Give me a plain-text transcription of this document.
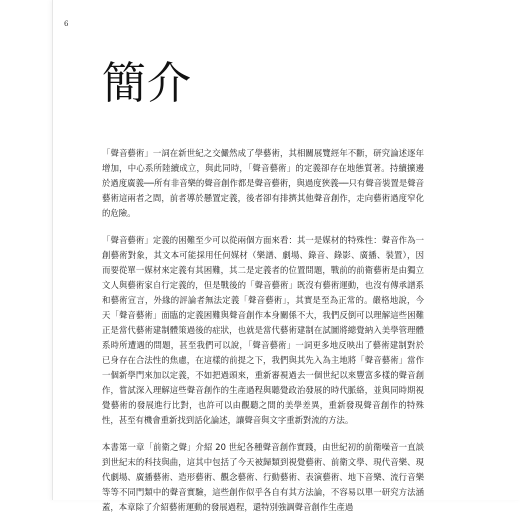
6
簡介

「聲音藝術」一詞在新世紀之交儼然成了學藝術，其相關展覽經年不斷，研究論述逐年增加，中心系所陸續成立，與此同時，「聲音藝術」的定義卻存在地態質著。持續擴邊於過度廣義──所有非音樂的聲音創作都是聲音藝術，與過度狹義──只有聲音裝置是聲音藝術這兩者之間，前者導於懸置定義，後者卻有排擠其他聲音創作，走向藝術過度窄化的危險。

「聲音藝術」定義的困難至少可以從兩個方面來看：其一是媒材的特殊性：聲音作為一創藝術對象，其文本可能採用任何媒材（樂譜、劇場、錄音、錄影、廣播、裝置），因而要從單一媒材來定義有其困難，其二是定義者的位置問題，戰前的前衛藝術是由獨立文人與藝術家自行定義的，但是戰後的「聲音藝術」既沒有藝術運動，也沒有傳承譜系和藝術宣言，外緣的評論者無法定義「聲音藝術」，其實是至為正常的。嚴格地說，今天「聲音藝術」面臨的定義困難與聲音創作本身關係不大，我們反倒可以理解這些困難正是當代藝術建制體策過後的症狀，也就是當代藝術建制在試圖將總覺納入美學管理體系時所遭遇的問題，甚至我們可以說，「聲音藝術」一詞更多地反映出了藝術建制對於已身存在合法性的焦慮，在這樣的前提之下，我們與其先入為主地將「聲音藝術」當作一個新學門來加以定義，不如把過頭來，重新審視過去一個世紀以來豐富多樣的聲音創作，嘗試深入理解這些聲音創作的生產過程與聽覺政治發展的時代脈絡，並與同時期視覺藝術的發展進行比對，也許可以由觀聽之間的美學差異，重新發現聲音創作的特殊性，甚至有機會重新找到話化論述，讓聲音與文字重新對流的方法。

本書第一章「前衛之聲」介紹 20 世紀各種聲音創作實踐，由世紀初的前衛噪音一直談到世紀末的科技與曲，這其中包括了今天被歸類到視覺藝術、前衛文學、現代音樂、現代劇場、廣播藝術、造形藝術、觀念藝術、行動藝術、表演藝術、地下音樂、流行音樂等等不同門類中的聲音實驗，這些創作似乎各自有其方法論，不容易以單一研究方法涵蓋，本章除了介紹藝術運動的發展過程，還特別強調聲音創作生產過
